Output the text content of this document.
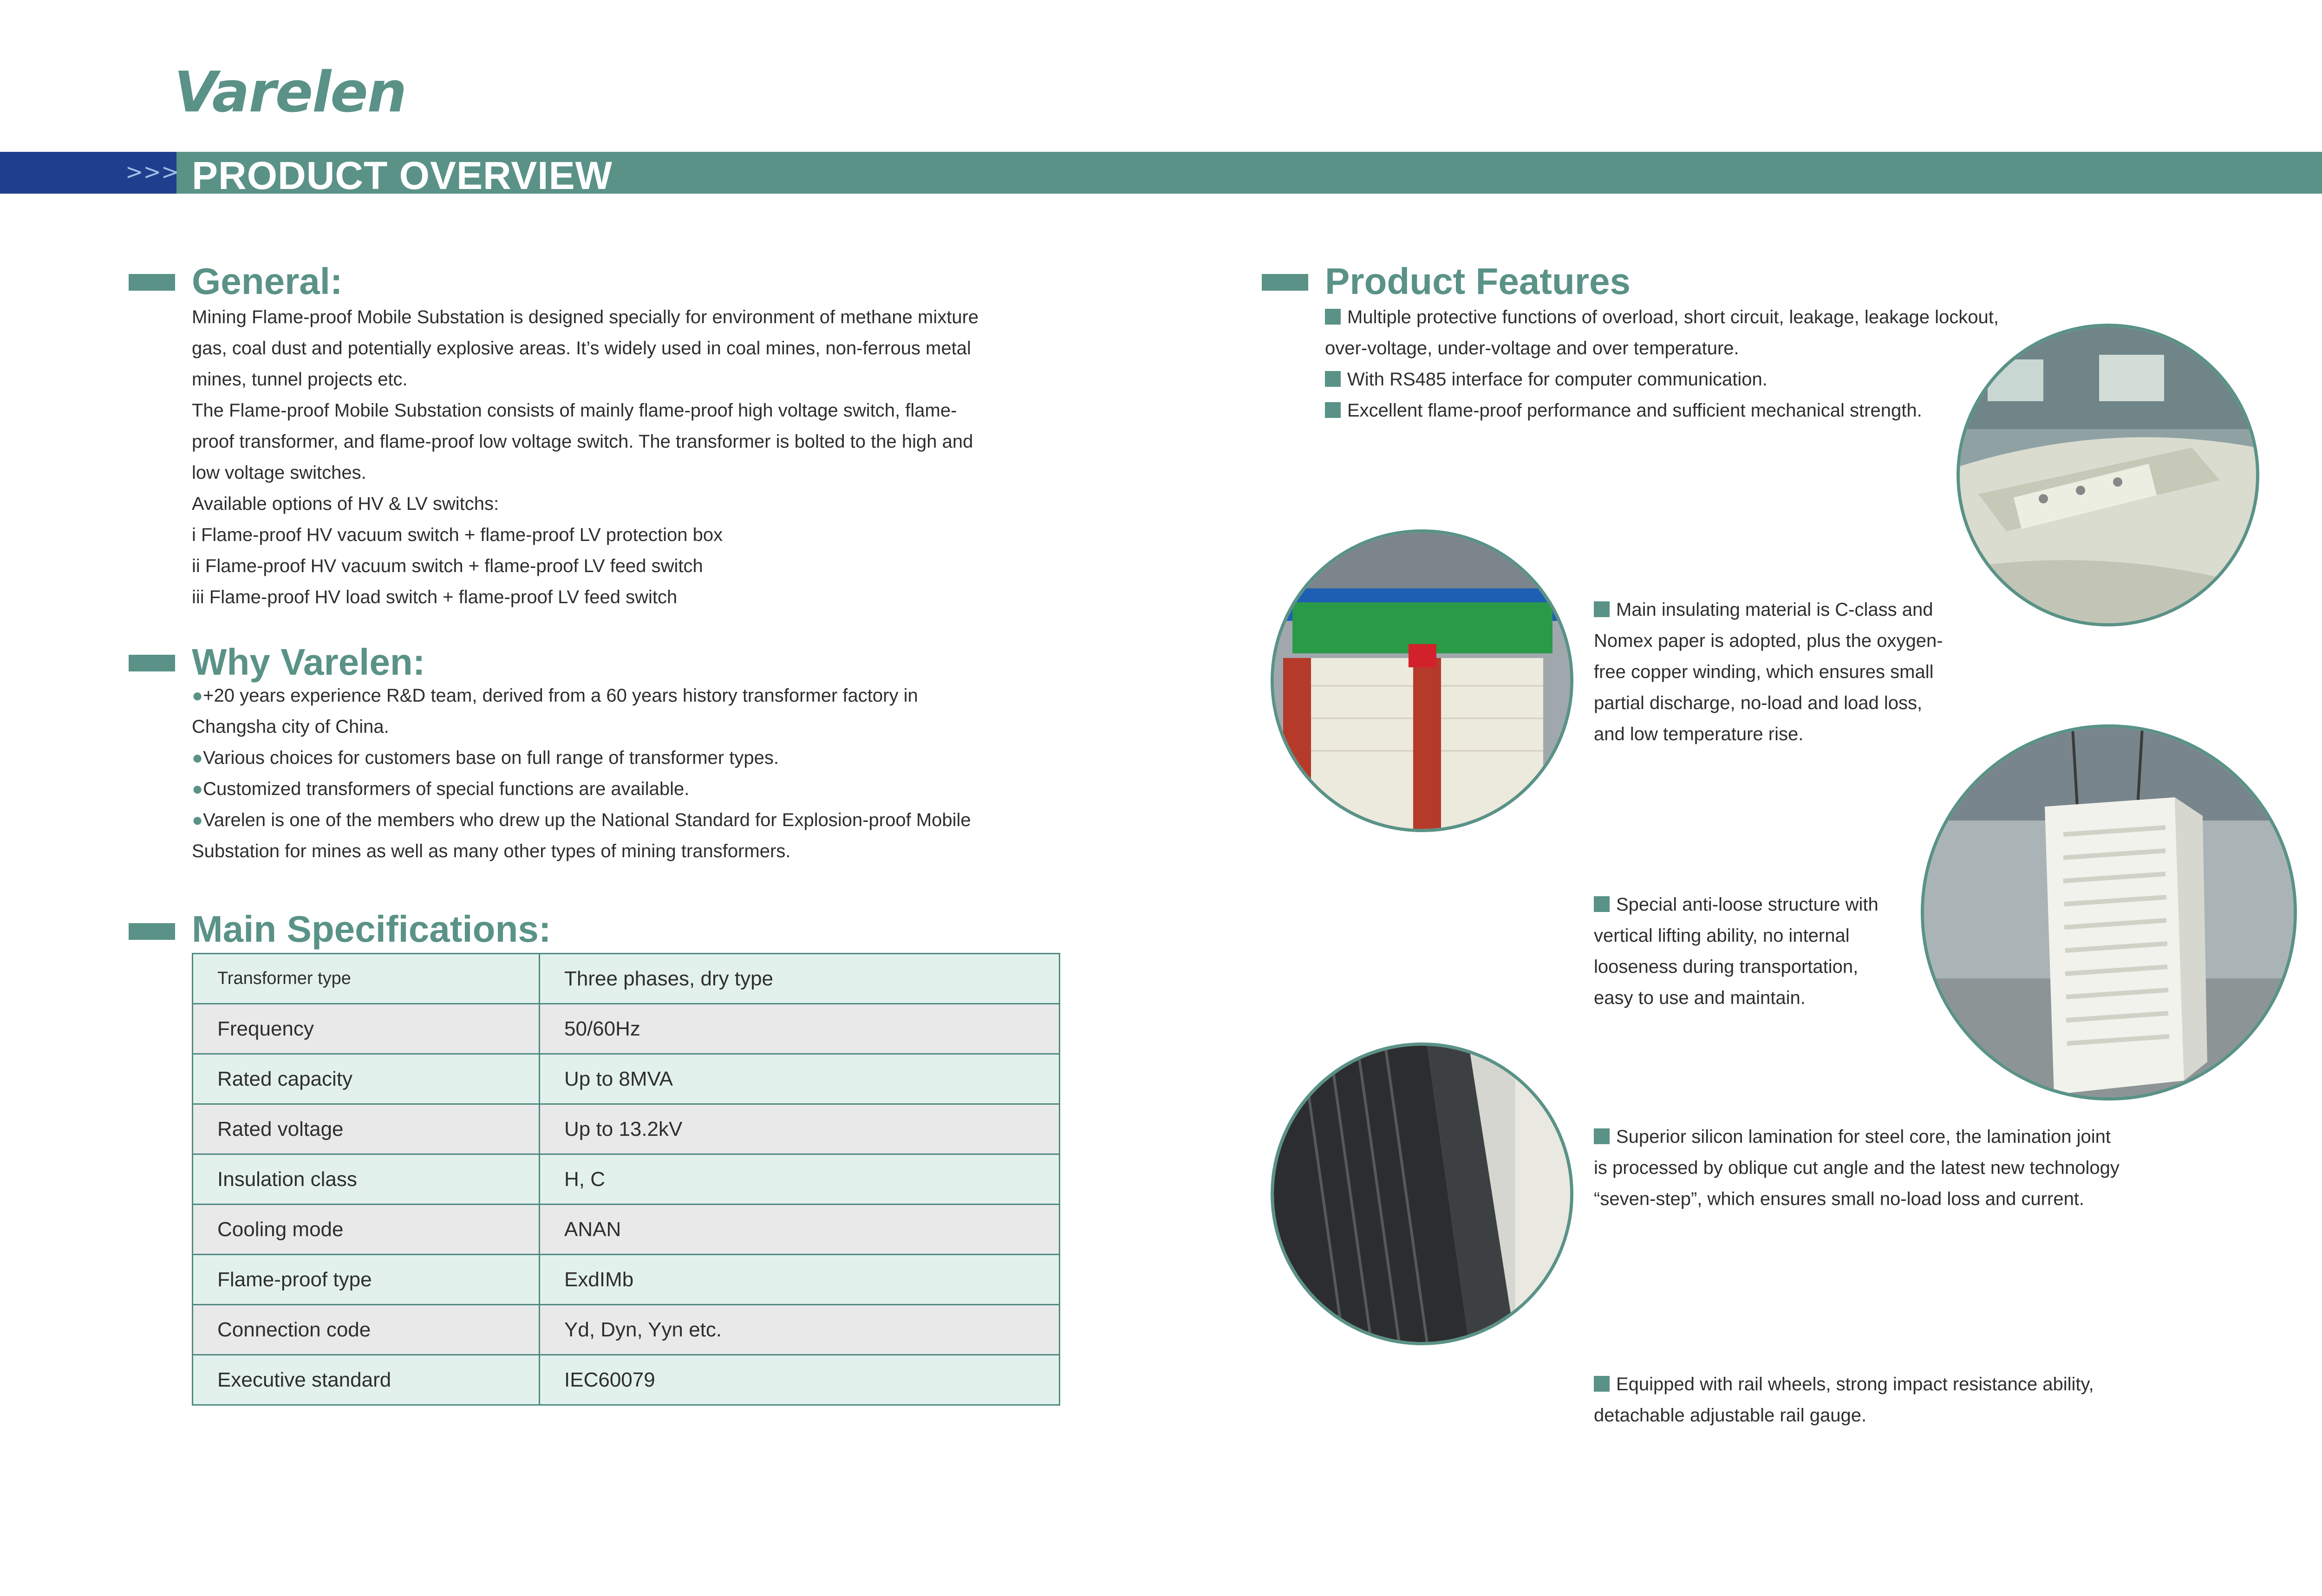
Varelen
>>> PRODUCT OVERVIEW
General:

Mining Flame-proof Mobile Substation is designed specially for environment of methane mixture

gas, coal dust and potentially explosive areas. It’s widely used in coal mines, non-ferrous metal

mines, tunnel projects etc.

The Flame-proof Mobile Substation consists of mainly flame-proof high voltage switch, flame-

proof transformer, and flame-proof low voltage switch. The transformer is bolted to the high and

low voltage switches.

Available options of HV & LV switchs:

i Flame-proof HV vacuum switch + flame-proof LV protection box

ii Flame-proof HV vacuum switch + flame-proof LV feed switch

iii Flame-proof HV load switch + flame-proof LV feed switch

Why Varelen:

●+20 years experience R&D team, derived from a 60 years history transformer factory in

Changsha city of China.

●Various choices for customers base on full range of transformer types.

●Customized transformers of special functions are available.

●Varelen is one of the members who drew up the National Standard for Explosion-proof Mobile

Substation for mines as well as many other types of mining transformers.

Main Specifications:
Transformer type	Three phases, dry type
Frequency	50/60Hz
Rated capacity	Up to 8MVA
Rated voltage	Up to 13.2kV
Insulation class	H, C
Cooling mode	ANAN
Flame-proof type	ExdIMb
Connection code	Yd, Dyn, Yyn etc.
Executive standard	IEC60079
Product Features
Multiple protective functions of overload, short circuit, leakage, leakage lockout,
over-voltage, under-voltage and over temperature.
With RS485 interface for computer communication.
Excellent flame-proof performance and sufficient mechanical strength.
Main insulating material is C-class and
Nomex paper is adopted, plus the oxygen-
free copper winding, which ensures small
partial discharge, no-load and load loss,
and low temperature rise.
Special anti-loose structure with
vertical lifting ability, no internal
looseness during transportation,
easy to use and maintain.
Superior silicon lamination for steel core, the lamination joint
is processed by oblique cut angle and the latest new technology
“seven-step”, which ensures small no-load loss and current.
Equipped with rail wheels, strong impact resistance ability,
detachable adjustable rail gauge.
